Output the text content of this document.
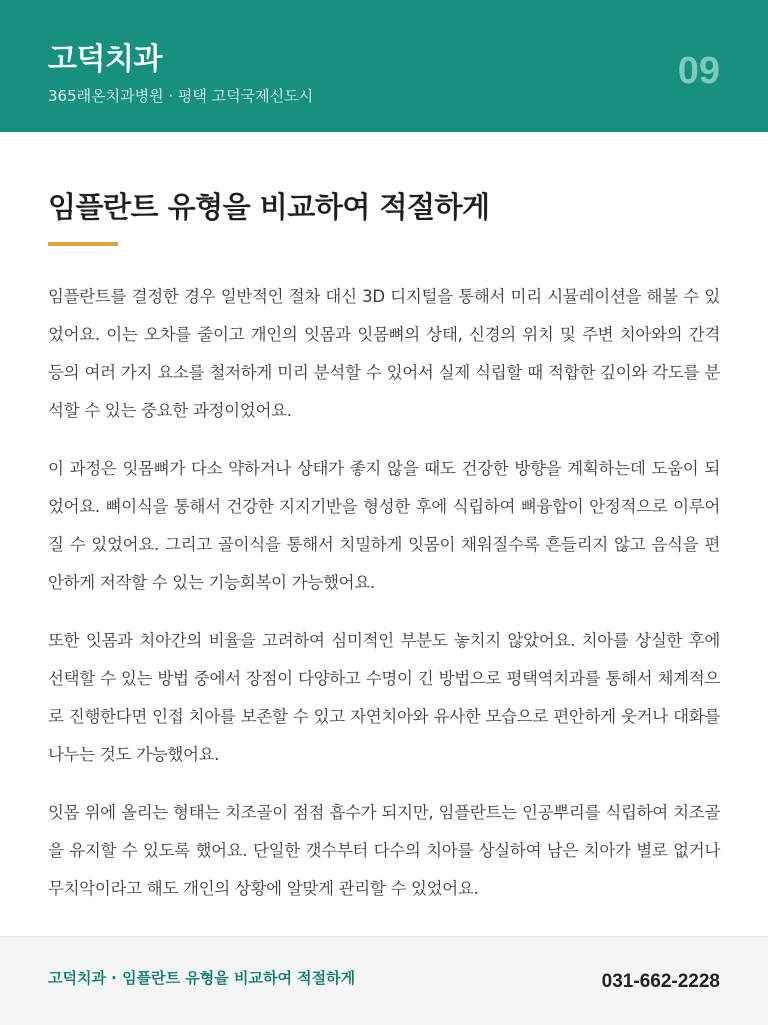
고덕치과
365래온치과병원 · 평택 고덕국제신도시
09
임플란트 유형을 비교하여 적절하게

임플란트를 결정한 경우 일반적인 절차 대신 3D 디지털을 통해서 미리 시뮬레이션을 해볼 수 있었어요. 이는 오차를 줄이고 개인의 잇몸과 잇몸뼈의 상태, 신경의 위치 및 주변 치아와의 간격 등의 여러 가지 요소를 철저하게 미리 분석할 수 있어서 실제 식립할 때 적합한 깊이와 각도를 분석할 수 있는 중요한 과정이었어요.

이 과정은 잇몸뼈가 다소 약하거나 상태가 좋지 않을 때도 건강한 방향을 계획하는데 도움이 되었어요. 뼈이식을 통해서 건강한 지지기반을 형성한 후에 식립하여 뼈융합이 안정적으로 이루어질 수 있었어요. 그리고 골이식을 통해서 치밀하게 잇몸이 채워질수록 흔들리지 않고 음식을 편안하게 저작할 수 있는 기능회복이 가능했어요.

또한 잇몸과 치아간의 비율을 고려하여 심미적인 부분도 놓치지 않았어요. 치아를 상실한 후에 선택할 수 있는 방법 중에서 장점이 다양하고 수명이 긴 방법으로 평택역치과를 통해서 체계적으로 진행한다면 인접 치아를 보존할 수 있고 자연치아와 유사한 모습으로 편안하게 웃거나 대화를 나누는 것도 가능했어요.

잇몸 위에 올리는 형태는 치조골이 점점 흡수가 되지만, 임플란트는 인공뿌리를 식립하여 치조골을 유지할 수 있도록 했어요. 단일한 갯수부터 다수의 치아를 상실하여 남은 치아가 별로 없거나 무치악이라고 해도 개인의 상황에 알맞게 관리할 수 있었어요.

고덕치과 · 임플란트 유형을 비교하여 적절하게	031-662-2228
